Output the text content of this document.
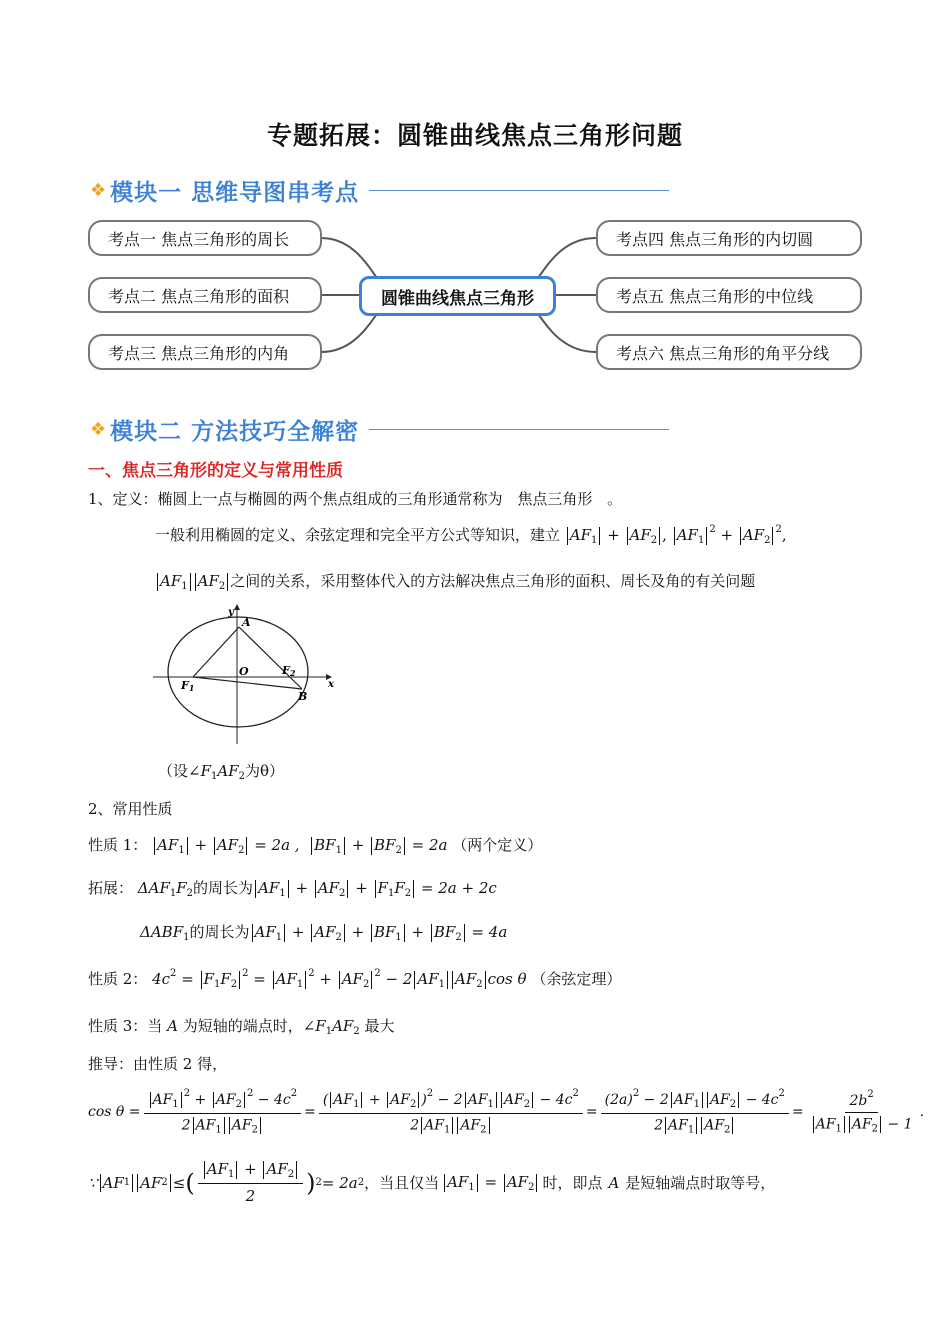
专题拓展：圆锥曲线焦点三角形问题
❖ 模块一 思维导图串考点
考点一 焦点三角形的周长
考点二 焦点三角形的面积
考点三 焦点三角形的内角
圆锥曲线焦点三角形
考点四 焦点三角形的内切圆
考点五 焦点三角形的中位线
考点六 焦点三角形的角平分线
❖ 模块二 方法技巧全解密
一、焦点三角形的定义与常用性质
1、定义：椭圆上一点与椭圆的两个焦点组成的三角形通常称为 焦点三角形 。
一般利用椭圆的定义、余弦定理和完全平方公式等知识，建立 $AF_1 + AF_2$ , $AF_1^2 + AF_2^2$,
$AF_1$ $AF_2$ 之间的关系，采用整体代入的方法解决焦点三角形的面积、周长及角的有关问题
y
x
A
O
F1
F2
B
（设$\angle F_1AF_2$为θ）
2、常用性质
性质 1： $AF_1 + AF_2 = 2a$ ,  $BF_1 + BF_2 = 2a$ （两个定义）
拓展： $\Delta AF_1F_2$的周长为 $AF_1 + AF_2 + F_1F_2 = 2a + 2c$
$\Delta ABF_1$的周长为 $AF_1 + AF_2 + BF_1 + BF_2 = 4a$
性质 2： $4c^2 = F_1F_2^2 = AF_1^2 + AF_2^2 - 2$ $AF_1$ $AF_2$ cos θ （余弦定理）
性质 3：当 A 为短轴的端点时，$\angle F_1AF_2$ 最大
推导：由性质 2 得，
$\cos \theta = \frac{AF_1^2 + AF_2^2 - 4c^2}{2 AF_1 AF_2} = \frac{( AF_1 + AF_2 )^2 - 2 AF_1 AF_2 - 4c^2}{2 AF_1 AF_2} = \frac{(2a)^2 - 2 AF_1 AF_2 - 4c^2}{2 AF_1 AF_2} = \frac{2b^2}{AF_1 AF_2 - 1}$ .
∵
AF 1 AF 2 ≤ ( $\frac{AF_1 + AF_2}{2}$ ) 2 = 2a 2 ，当且仅当 $AF_1 = AF_2$ 时，即点 A 是短轴端点时取等号，
